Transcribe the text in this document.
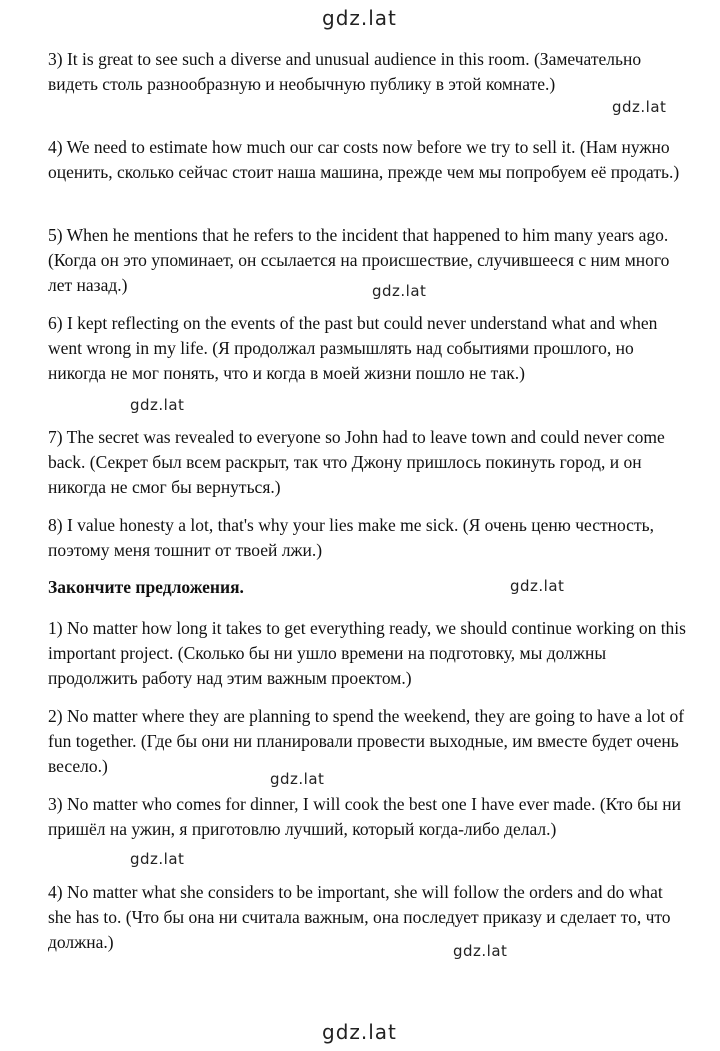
gdz.lat

3) It is great to see such a diverse and unusual audience in this room. (Замечательно видеть столь разнообразную и необычную публику в этой комнате.)

gdz.lat

4) We need to estimate how much our car costs now before we try to sell it. (Нам нужно оценить, сколько сейчас стоит наша машина, прежде чем мы попробуем её продать.)

5) When he mentions that he refers to the incident that happened to him many years ago. (Когда он это упоминает, он ссылается на происшествие, случившееся с ним много лет назад.)	gdz.lat

6) I kept reflecting on the events of the past but could never understand what and when went wrong in my life. (Я продолжал размышлять над событиями прошлого, но никогда не мог понять, что и когда в моей жизни пошло не так.)

gdz.lat

7) The secret was revealed to everyone so John had to leave town and could never come back. (Секрет был всем раскрыт, так что Джону пришлось покинуть город, и он никогда не смог бы вернуться.)

8) I value honesty a lot, that's why your lies make me sick. (Я очень ценю честность, поэтому меня тошнит от твоей лжи.)

Закончите предложения.	gdz.lat

1) No matter how long it takes to get everything ready, we should continue working on this important project. (Сколько бы ни ушло времени на подготовку, мы должны продолжить работу над этим важным проектом.)

2) No matter where they are planning to spend the weekend, they are going to have a lot of fun together. (Где бы они ни планировали провести выходные, им вместе будет очень весело.)

gdz.lat

3) No matter who comes for dinner, I will cook the best one I have ever made. (Кто бы ни пришёл на ужин, я приготовлю лучший, который когда-либо делал.)

gdz.lat

4) No matter what she considers to be important, she will follow the orders and do what she has to. (Что бы она ни считала важным, она последует приказу и сделает то, что должна.)	gdz.lat
gdz.lat
